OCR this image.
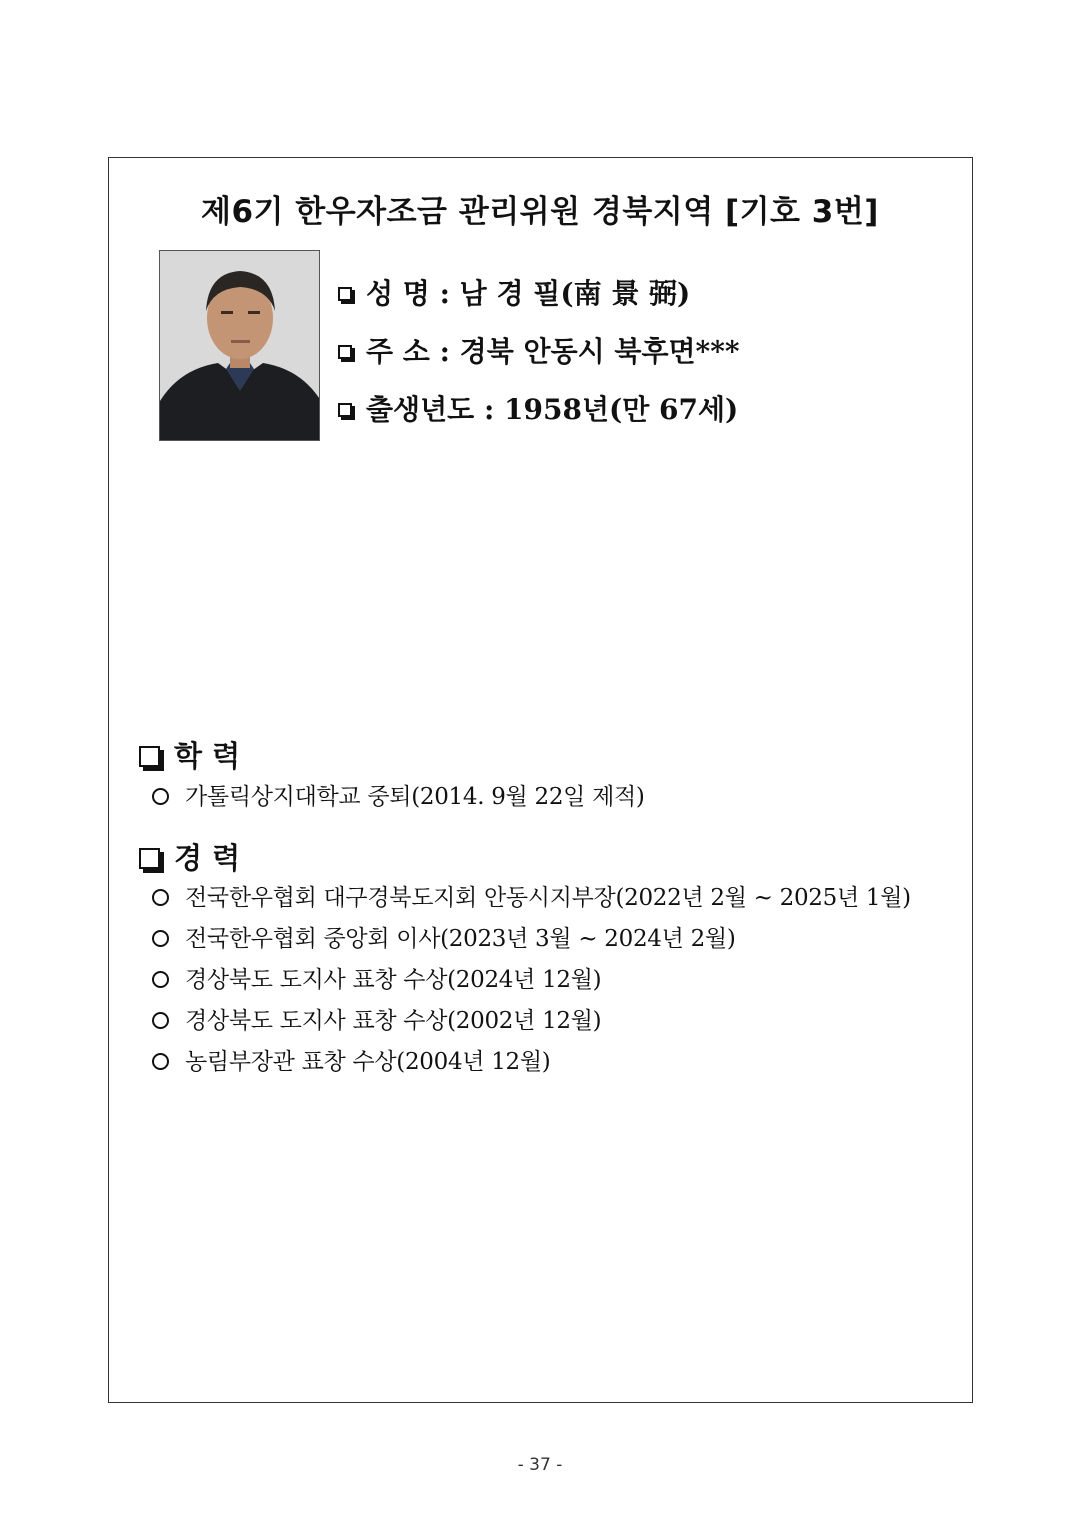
제6기 한우자조금 관리위원 경북지역 [기호 3번]
성 명 : 남 경 필(南 景 弼)
주 소 : 경북 안동시 북후면***
출생년도 : 1958년(만 67세)
학 력
가톨릭상지대학교 중퇴(2014. 9월 22일 제적)
경 력
전국한우협회 대구경북도지회 안동시지부장(2022년 2월 ~ 2025년 1월)
전국한우협회 중앙회 이사(2023년 3월 ~ 2024년 2월)
경상북도 도지사 표창 수상(2024년 12월)
경상북도 도지사 표창 수상(2002년 12월)
농림부장관 표창 수상(2004년 12월)
- 37 -
